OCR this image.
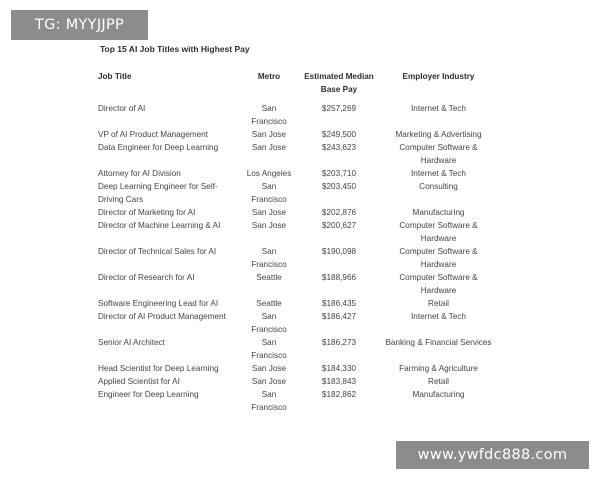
TG: MYYJJPP
Top 15 AI Job Titles with Highest Pay
Job Title	Metro	Estimated Median Base Pay	Employer Industry
Director of AI	San Francisco	$257,269	Internet & Tech
VP of AI Product Management	San Jose	$249,500	Marketing & Advertising
Data Engineer for Deep Learning	San Jose	$243,623	Computer Software & Hardware
Attorney for AI Division	Los Angeles	$203,710	Internet & Tech
Deep Learning Engineer for Self-Driving Cars	San Francisco	$203,450	Consulting
Director of Marketing for AI	San Jose	$202,876	Manufacturing
Director of Machine Learning & AI	San Jose	$200,627	Computer Software & Hardware
Director of Technical Sales for AI	San Francisco	$190,098	Computer Software & Hardware
Director of Research for AI	Seattle	$188,966	Computer Software & Hardware
Software Engineering Lead for AI	Seattle	$186,435	Retail
Director of AI Product Management	San Francisco	$186,427	Internet & Tech
Senior AI Architect	San Francisco	$186,273	Banking & Financial Services
Head Scientist for Deep Learning	San Jose	$184,330	Farming & Agriculture
Applied Scientist for AI	San Jose	$183,843	Retail
Engineer for Deep Learning	San Francisco	$182,862	Manufacturing
www.ywfdc888.com
